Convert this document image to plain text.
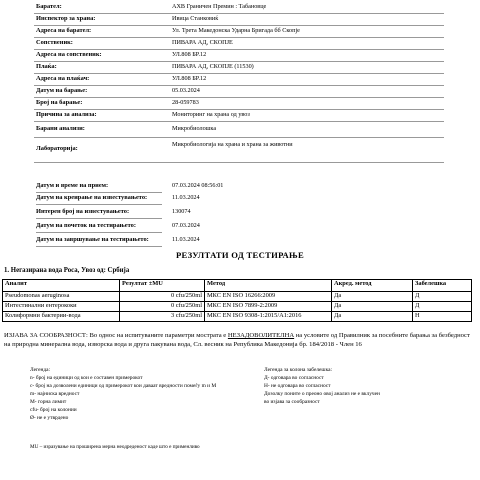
Барател:	АХВ Граничен Премин : Табановце
Инспектор за храна:	Ивица Станковиќ
Адреса на барател:	Ул. Трета Македонска Ударна Бригада бб Скопје
Сопственик:	ПИВАРА АД, СКОПЈЕ
Адреса на сопственик:	УЛ.808 БР.12
Плаќа:	ПИВАРА АД, СКОПЈЕ (11530)
Адреса на плаќач:	УЛ.808 БР.12
Датум на барање:	05.03.2024
Број на барање:	28-059783
Причина за анализа:	Мониторинг на храна од увоз
Барани анализи:	Микробиолошка
Лабораторија:
Микробиологија на храна и храна за животни
Датум и време на прием:	07.03.2024 08:56:01
Датум на креирање на известувањето:	11.03.2024
Интерен број на известувањето:	130074
Датум на почеток на тестирањето:	07.03.2024
Датум на завршување на тестирањето:	11.03.2024
РЕЗУЛТАТИ ОД ТЕСТИРАЊЕ
1. Негазирана вода Роса, Увоз од: Србија
Аналит	Резултат ±MU	Метод	Акред. метод	Забелешка
Pseudomonas aeruginosa	0 cfu/250ml	МКС EN ISO 16266:2009	Да	Д
Интестинални ентерококи	0 cfu/250ml	МКС EN ISO 7899-2:2009	Да	Д
Колиформни бактерии-вода	3 cfu/250ml	МКС EN ISO 9308-1:2015/A1:2016	Да	Н
ИЗЈАВА ЗА СООБРАЗНОСТ: Во однос на испитуваните параметри мострата е НЕЗАДОВОЛИТЕЛНА на условите од Правилник за посебните барања за безбедност на природна минерална вода, изворска вода и друга пакувана вода, Сл. весник на Република Македонија бр. 184/2018 - Член 16
Легенда:
n- број на единици од кои е составен примерокот
c- број на дозволени единици од примерокот кои даваат вредности помеѓу m и M
m- најниска вредност
M- горна лимит
cfu- број на колонии
Ø- не е утврдено
Легенда за колона забелешка:
Д- одговара во согласност
Н- не одговара во согласност
Дозолку поните о преоно овој анализ не е вклучен
во изјава за сообразност
MU – изразување на проширена мерна неодреденост каде што е применливо
